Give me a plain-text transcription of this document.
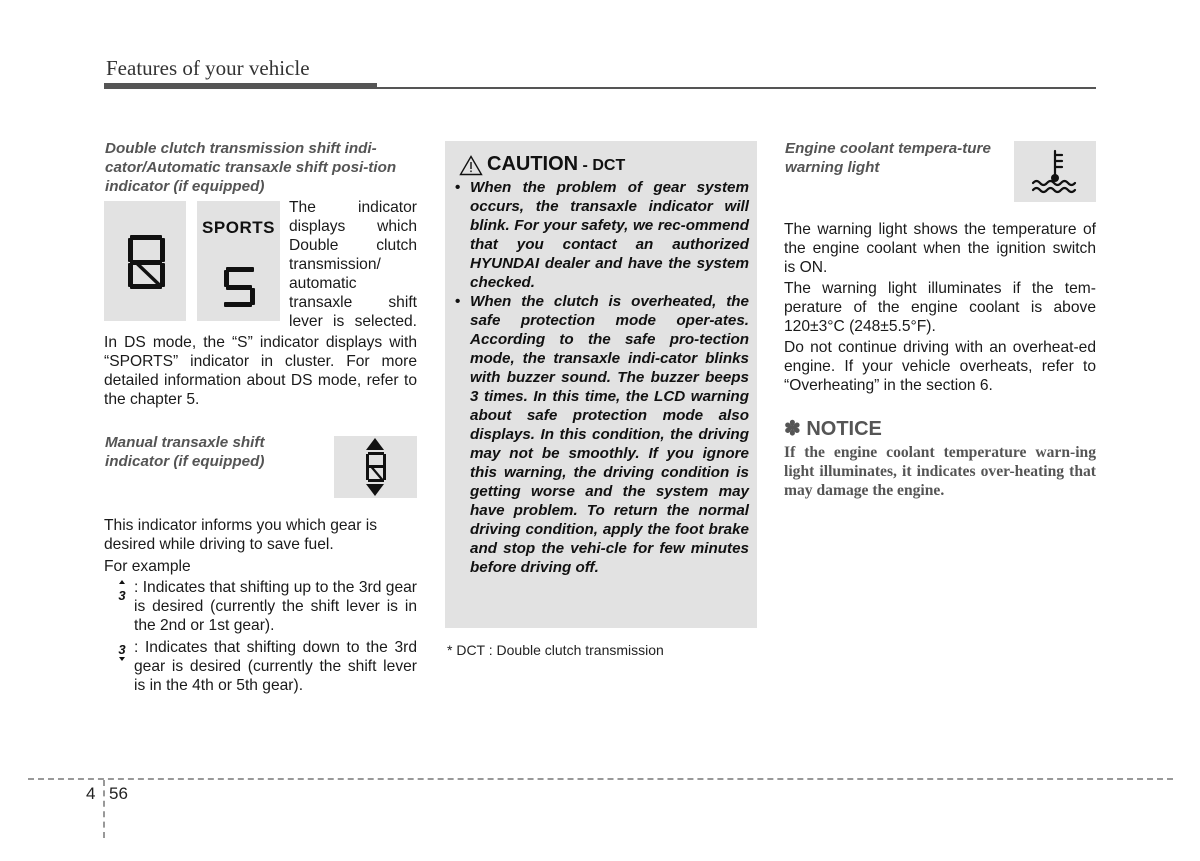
Features of your vehicle
Double clutch transmission shift indi-cator/Automatic transaxle shift posi-tion indicator (if equipped)
SPORTS
The indicator displays which Double clutch transmission/ automatic transaxle shift lever is selected.
In DS mode, the “S” indicator displays with “SPORTS” indicator in cluster. For more detailed information about DS mode, refer to the chapter 5.
Manual transaxle shift indicator (if equipped)
This indicator informs you which gear is desired while driving to save fuel.
For example
3 : Indicates that shifting up to the 3rd gear is desired (currently the shift lever is in the 2nd or 1st gear).
3 : Indicates that shifting down to the 3rd gear is desired (currently the shift lever is in the 4th or 5th gear).
CAUTION - DCT
• When the problem of gear system occurs, the transaxle indicator will blink. For your safety, we rec-ommend that you contact an authorized HYUNDAI dealer and have the system checked.
• When the clutch is overheated, the safe protection mode oper-ates. According to the safe pro-tection mode, the transaxle indi-cator blinks with buzzer sound. The buzzer beeps 3 times. In this time, the LCD warning about safe protection mode also displays. In this condition, the driving may not be smoothly. If you ignore this warning, the driving condition is getting worse and the system may have problem. To return the normal driving condition, apply the foot brake and stop the vehi-cle for few minutes before driving off.
* DCT : Double clutch transmission
Engine coolant tempera-ture warning light
The warning light shows the temperature of the engine coolant when the ignition switch is ON.
The warning light illuminates if the tem-perature of the engine coolant is above 120±3°C (248±5.5°F).
Do not continue driving with an overheat-ed engine. If your vehicle overheats, refer to “Overheating” in the section 6.
✽ NOTICE
If the engine coolant temperature warn-ing light illuminates, it indicates over-heating that may damage the engine.
4 56
